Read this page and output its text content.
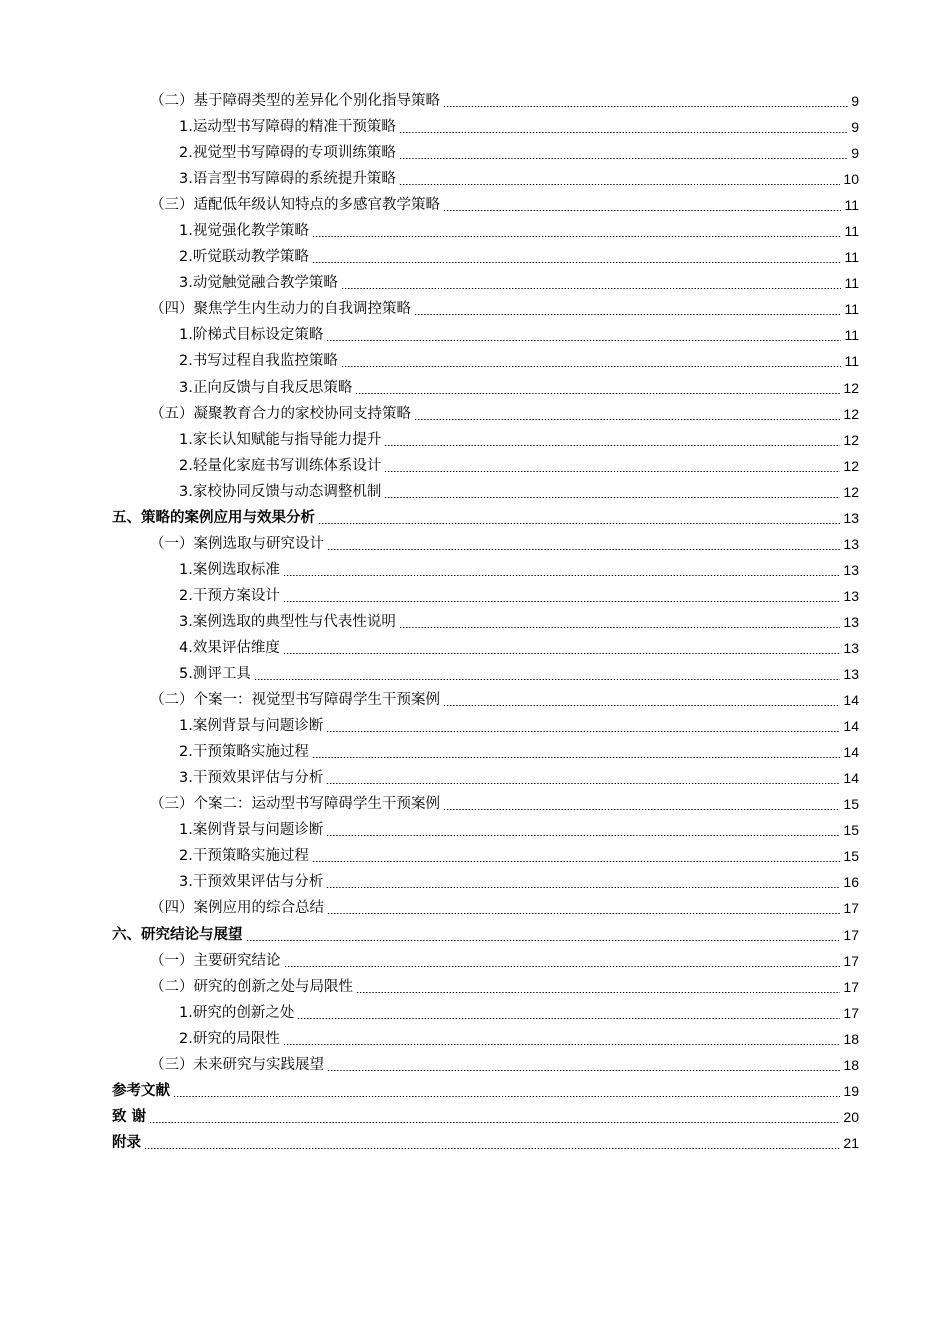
（二）基于障碍类型的差异化个别化指导策略	9
1.运动型书写障碍的精准干预策略	9
2.视觉型书写障碍的专项训练策略	9
3.语言型书写障碍的系统提升策略	10
（三）适配低年级认知特点的多感官教学策略	11
1.视觉强化教学策略	11
2.听觉联动教学策略	11
3.动觉触觉融合教学策略	11
（四）聚焦学生内生动力的自我调控策略	11
1.阶梯式目标设定策略	11
2.书写过程自我监控策略	11
3.正向反馈与自我反思策略	12
（五）凝聚教育合力的家校协同支持策略	12
1.家长认知赋能与指导能力提升	12
2.轻量化家庭书写训练体系设计	12
3.家校协同反馈与动态调整机制	12
五、策略的案例应用与效果分析	13
（一）案例选取与研究设计	13
1.案例选取标准	13
2.干预方案设计	13
3.案例选取的典型性与代表性说明	13
4.效果评估维度	13
5.测评工具	13
（二）个案一：视觉型书写障碍学生干预案例	14
1.案例背景与问题诊断	14
2.干预策略实施过程	14
3.干预效果评估与分析	14
（三）个案二：运动型书写障碍学生干预案例	15
1.案例背景与问题诊断	15
2.干预策略实施过程	15
3.干预效果评估与分析	16
（四）案例应用的综合总结	17
六、研究结论与展望	17
（一）主要研究结论	17
（二）研究的创新之处与局限性	17
1.研究的创新之处	17
2.研究的局限性	18
（三）未来研究与实践展望	18
参考文献	19
致 谢	20
附录	21
